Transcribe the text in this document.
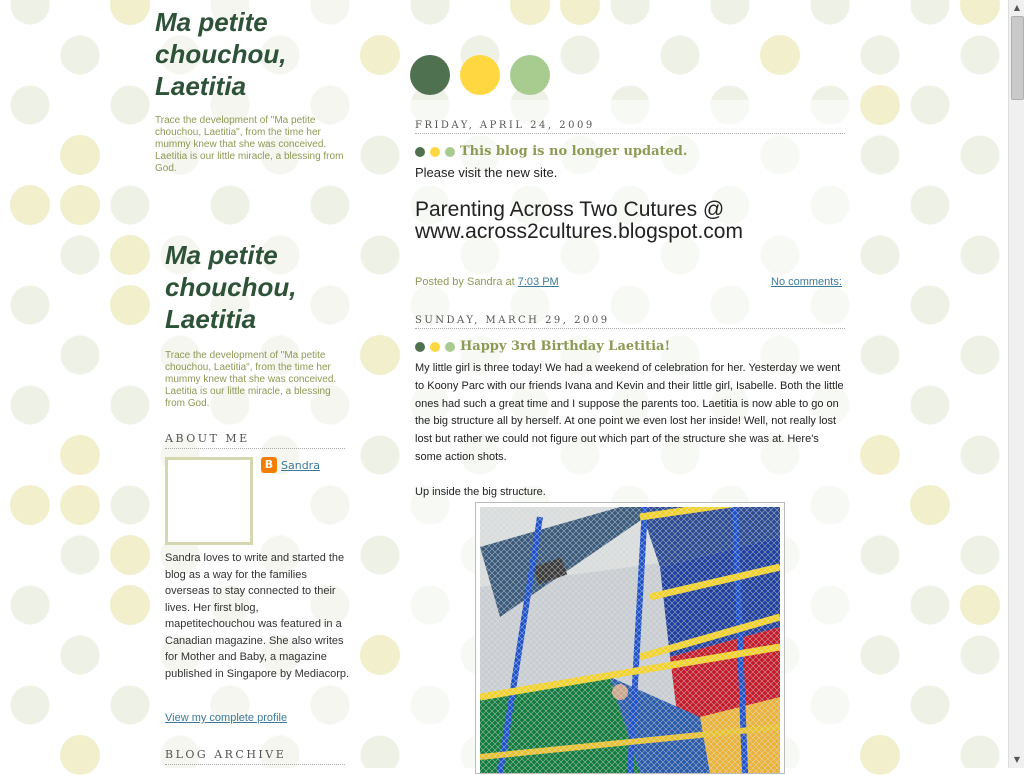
Ma petite chouchou, Laetitia
Trace the development of "Ma petite chouchou, Laetitia", from the time her mummy knew that she was conceived. Laetitia is our little miracle, a blessing from God.
Ma petite chouchou, Laetitia
Trace the development of "Ma petite chouchou, Laetitia", from the time her mummy knew that she was conceived. Laetitia is our little miracle, a blessing from God.
ABOUT ME
B Sandra
Sandra loves to write and started the blog as a way for the families overseas to stay connected to their lives. Her first blog, mapetitechouchou was featured in a Canadian magazine. She also writes for Mother and Baby, a magazine published in Singapore by Mediacorp.
View my complete profile
BLOG ARCHIVE
FRIDAY, APRIL 24, 2009
This blog is no longer updated.
Please visit the new site.
Parenting Across Two Cutures @ www.across2cultures.blogspot.com
Posted by Sandra at 7:03 PM	No comments:
SUNDAY, MARCH 29, 2009
Happy 3rd Birthday Laetitia!
My little girl is three today! We had a weekend of celebration for her. Yesterday we went to Koony Parc with our friends Ivana and Kevin and their little girl, Isabelle. Both the little ones had such a great time and I suppose the parents too. Laetitia is now able to go on the big structure all by herself. At one point we even lost her inside! Well, not really lost lost but rather we could not figure out which part of the structure she was at. Here's some action shots.
Up inside the big structure.
▲
▼
